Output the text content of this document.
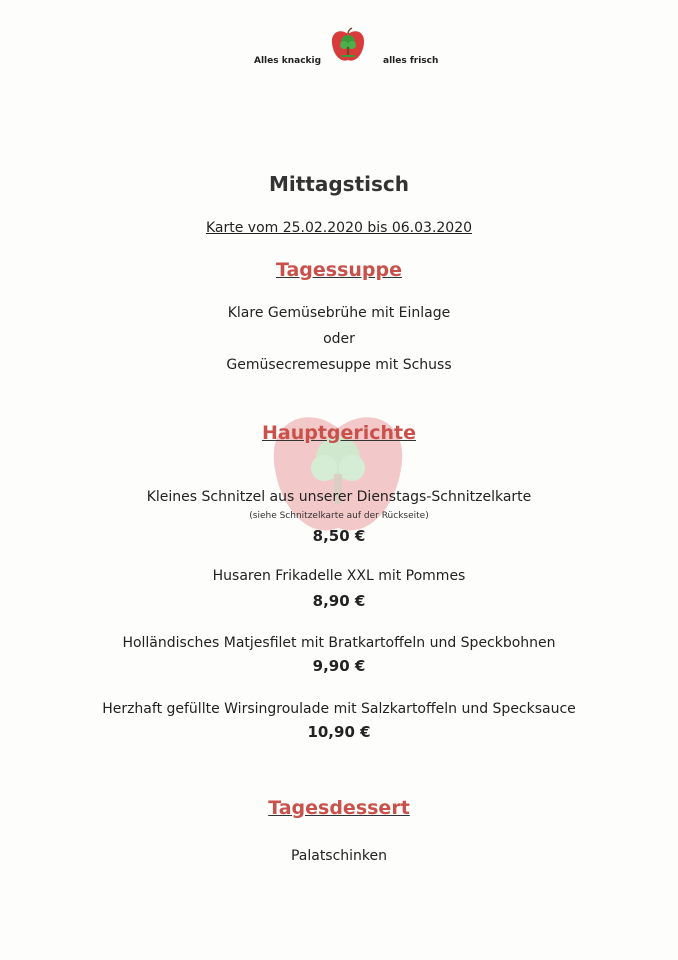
Alles knackig	alles frisch
Mittagstisch
Karte vom 25.02.2020 bis 06.03.2020
Tagessuppe
Klare Gemüsebrühe mit Einlage
oder
Gemüsecremesuppe mit Schuss
Hauptgerichte
Kleines Schnitzel aus unserer Dienstags-Schnitzelkarte
(siehe Schnitzelkarte auf der Rückseite)
8,50 €
Husaren Frikadelle XXL mit Pommes
8,90 €
Holländisches Matjesfilet mit Bratkartoffeln und Speckbohnen
9,90 €
Herzhaft gefüllte Wirsingroulade mit Salzkartoffeln und Specksauce
10,90 €
Tagesdessert
Palatschinken
